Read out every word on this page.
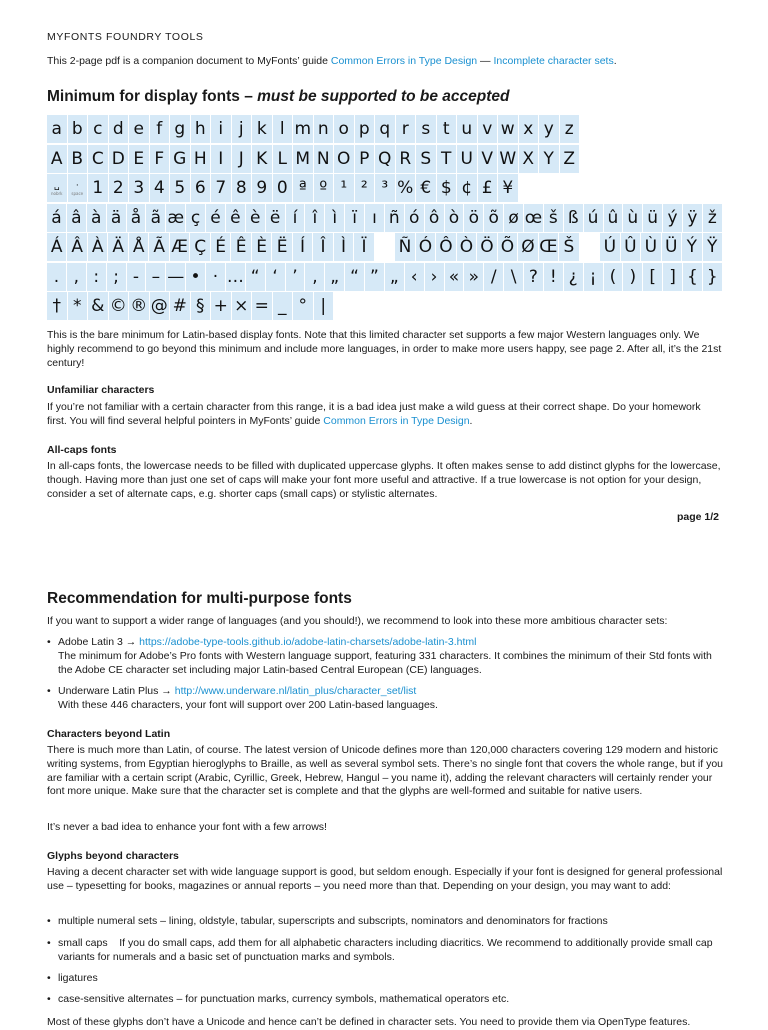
MYFONTS FOUNDRY TOOLS
This 2-page pdf is a companion document to MyFonts’ guide Common Errors in Type Design — Incomplete character sets.
Minimum for display fonts – must be supported to be accepted
a b c d e f g h i j k l m n o p q r s t u v w x y z
A B C D E F G H I J K L M N O P Q R S T U V W X Y Z
␣
nobrk
·
space 1 2 3 4 5 6 7 8 9 0 ª º ¹ ² ³ % € $ ¢ £ ¥
á â à ä å ã æ ç é ê è ë í î ì ï ı ñ ó ô ò ö õ ø œ š ß ú û ù ü ý ÿ ž
Á Â À Ä Å Ã Æ Ç É Ê È Ë Í Î Ì Ï	Ñ Ó Ô Ò Ö Õ Ø Œ Š Ú Û Ù Ü Ý Ÿ
. , : ; - – — • · … “ ‘ ’ ‚ „ “ ” „ ‹ › « » / \ ? ! ¿ ¡ ( ) [ ] { }
† * & © ® @ # § + × = _ ° |
This is the bare minimum for Latin-based display fonts. Note that this limited character set supports a few major Western languages only. We highly recommend to go beyond this minimum and include more languages, in order to make more users happy, see page 2. After all, it’s the 21st century!
Unfamiliar characters
If you’re not familiar with a certain character from this range, it is a bad idea just make a wild guess at their correct shape. Do your homework first. You will find several helpful pointers in MyFonts’ guide Common Errors in Type Design.
All-caps fonts
In all-caps fonts, the lowercase needs to be filled with duplicated uppercase glyphs. It often makes sense to add distinct glyphs for the lowercase, though. Having more than just one set of caps will make your font more useful and attractive. If a true lowercase is not option for your design, consider a set of alternate caps, e.g. shorter caps (small caps) or stylistic alternates.
page 1/2
Recommendation for multi-purpose fonts
If you want to support a wider range of languages (and you should!), we recommend to look into these more ambitious character sets:
• Adobe Latin 3 → https://adobe-type-tools.github.io/adobe-latin-charsets/adobe-latin-3.html
The minimum for Adobe’s Pro fonts with Western language support, featuring 331 characters. It combines the minimum of their Std fonts with the Adobe CE character set including major Latin-based Central European (CE) languages.
• Underware Latin Plus → http://www.underware.nl/latin_plus/character_set/list
With these 446 characters, your font will support over 200 Latin-based languages.
Characters beyond Latin
There is much more than Latin, of course. The latest version of Unicode defines more than 120,000 characters covering 129 modern and historic writing systems, from Egyptian hieroglyphs to Braille, as well as several symbol sets. There’s no single font that covers the whole range, but if you are familiar with a certain script (Arabic, Cyrillic, Greek, Hebrew, Hangul – you name it), adding the relevant characters will certainly render your font more unique. Make sure that the character set is complete and that the glyphs are well-formed and suitable for native users.
It’s never a bad idea to enhance your font with a few arrows!
Glyphs beyond characters
Having a decent character set with wide language support is good, but seldom enough. Especially if your font is designed for general professional use – typesetting for books, magazines or annual reports – you need more than that. Depending on your design, you may want to add:
• multiple numeral sets – lining, oldstyle, tabular, superscripts and subscripts, nominators and denominators for fractions
• small caps    If you do small caps, add them for all alphabetic characters including diacritics. We recommend to additionally provide small cap variants for numerals and a basic set of punctuation marks and symbols.
• ligatures
• case-sensitive alternates – for punctuation marks, currency symbols, mathematical operators etc.
Most of these glyphs don’t have a Unicode and hence can’t be defined in character sets. You need to provide them via OpenType features.
